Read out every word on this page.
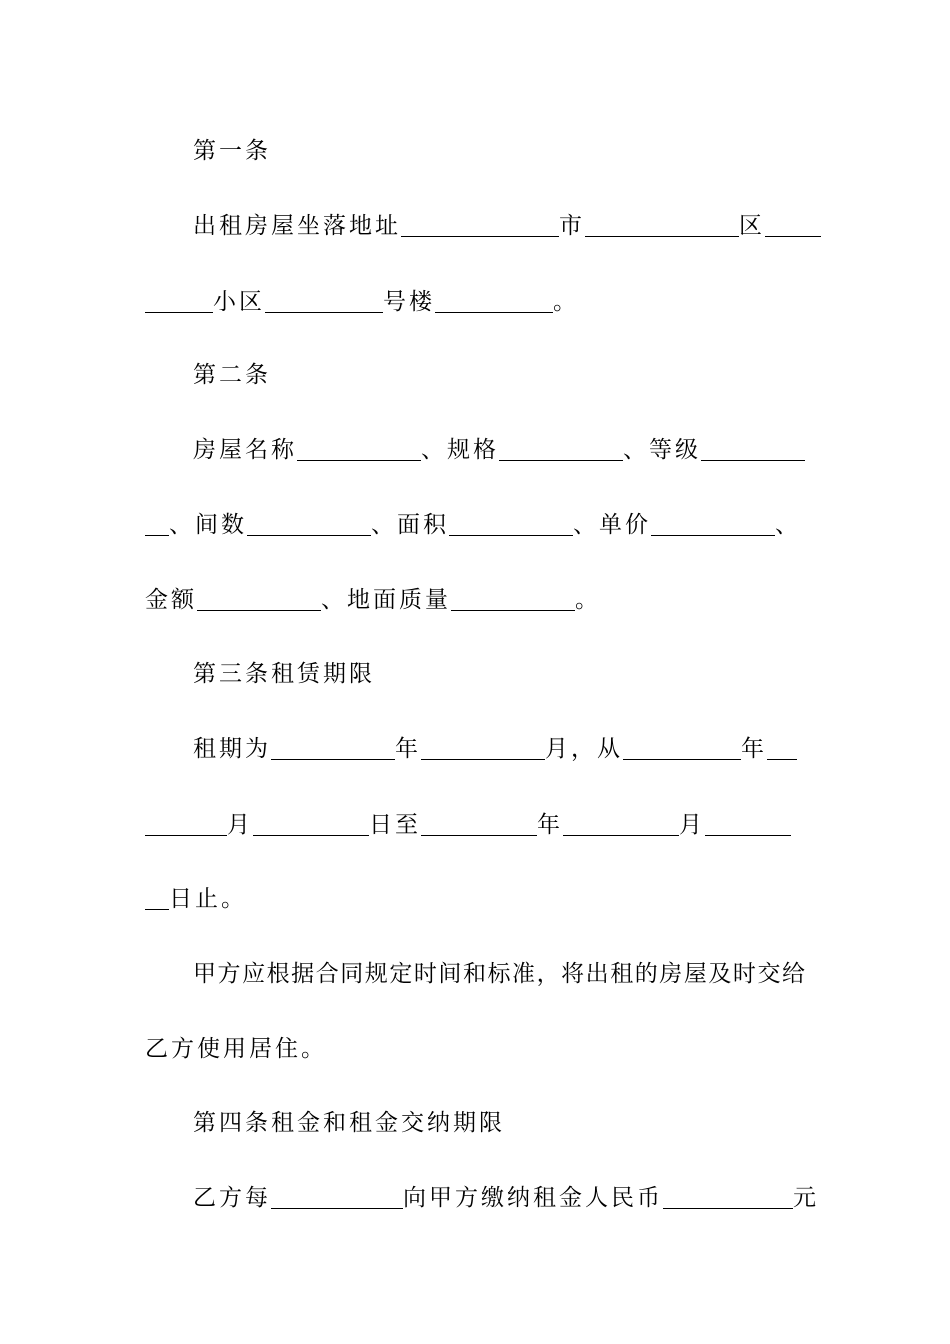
第一条
出租房屋坐落地址	市	区
小区	号楼	。
第二条
房屋名称	、规格	、等级
、间数	、面积	、单价	、
金额	、地面质量	。
第三条租赁期限
租期为	年	月，从	年
月	日至	年	月
日止。
甲方应根据合同规定时间和标准，将出租的房屋及时交给
乙方使用居住。
第四条租金和租金交纳期限
乙方每	向甲方缴纳租金人民币	元
